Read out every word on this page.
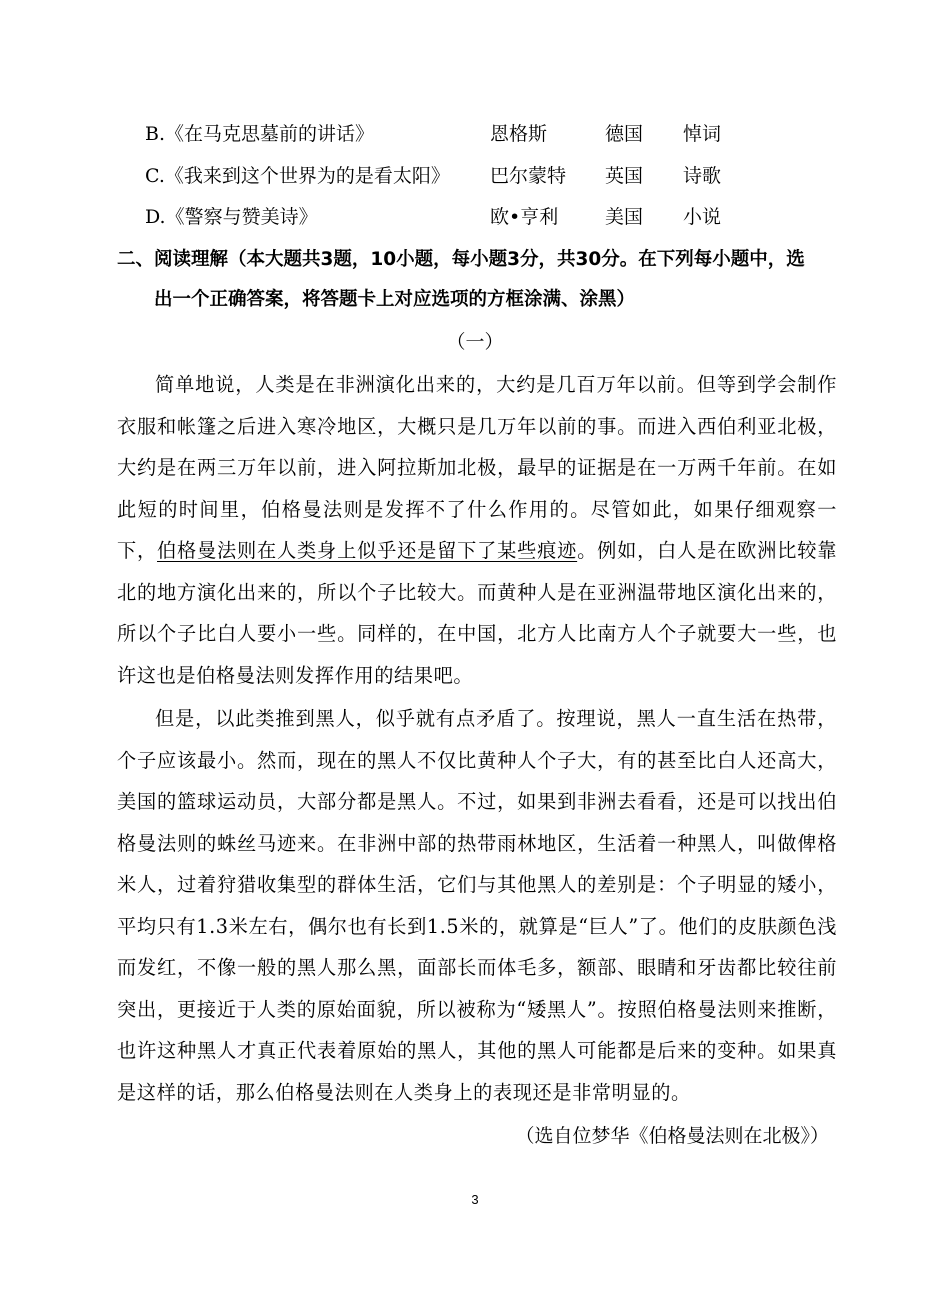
B.《在马克思墓前的讲话》	恩格斯	德国 悼词
C.《我来到这个世界为的是看太阳》 巴尔蒙特 英国 诗歌
D.《警察与赞美诗》	欧•亨利 美国 小说
二、阅读理解（本大题共3题，10小题，每小题3分，共30分。在下列每小题中，选
出一个正确答案，将答题卡上对应选项的方框涂满、涂黑）
（一）
简单地说，人类是在非洲演化出来的，大约是几百万年以前。但等到学会制作衣服和帐篷之后进入寒冷地区，大概只是几万年以前的事。而进入西伯利亚北极，大约是在两三万年以前，进入阿拉斯加北极，最早的证据是在一万两千年前。在如此短的时间里，伯格曼法则是发挥不了什么作用的。尽管如此，如果仔细观察一下，伯格曼法则在人类身上似乎还是留下了某些痕迹。例如，白人是在欧洲比较靠北的地方演化出来的，所以个子比较大。而黄种人是在亚洲温带地区演化出来的，所以个子比白人要小一些。同样的，在中国，北方人比南方人个子就要大一些，也许这也是伯格曼法则发挥作用的结果吧。
但是，以此类推到黑人，似乎就有点矛盾了。按理说，黑人一直生活在热带，个子应该最小。然而，现在的黑人不仅比黄种人个子大，有的甚至比白人还高大，美国的篮球运动员，大部分都是黑人。不过，如果到非洲去看看，还是可以找出伯格曼法则的蛛丝马迹来。在非洲中部的热带雨林地区，生活着一种黑人，叫做俾格米人，过着狩猎收集型的群体生活，它们与其他黑人的差别是：个子明显的矮小，平均只有1.3米左右，偶尔也有长到1.5米的，就算是“巨人”了。他们的皮肤颜色浅而发红，不像一般的黑人那么黑，面部长而体毛多，额部、眼睛和牙齿都比较往前突出，更接近于人类的原始面貌，所以被称为“矮黑人”。按照伯格曼法则来推断，也许这种黑人才真正代表着原始的黑人，其他的黑人可能都是后来的变种。如果真是这样的话，那么伯格曼法则在人类身上的表现还是非常明显的。
（选自位梦华《伯格曼法则在北极》）
3
